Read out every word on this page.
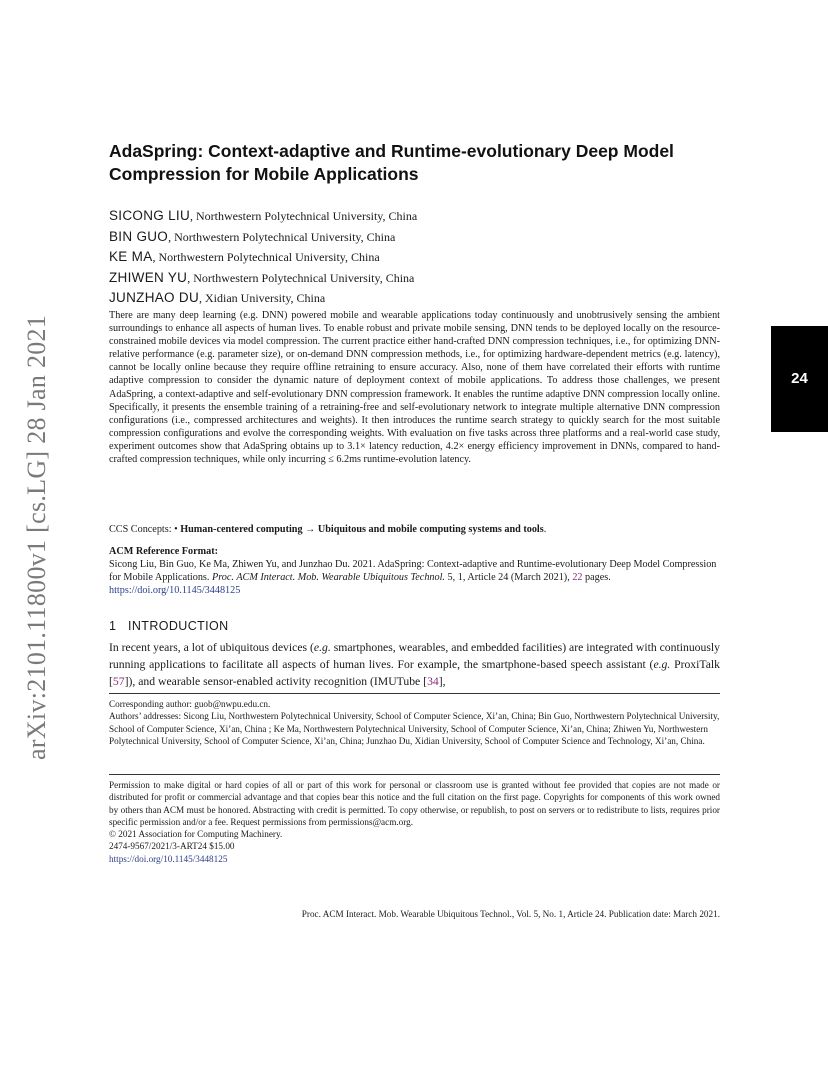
arXiv:2101.11800v1 [cs.LG] 28 Jan 2021	24
AdaSpring: Context-adaptive and Runtime-evolutionary Deep Model Compression for Mobile Applications
SICONG LIU, Northwestern Polytechnical University, China
BIN GUO, Northwestern Polytechnical University, China
KE MA, Northwestern Polytechnical University, China
ZHIWEN YU, Northwestern Polytechnical University, China
JUNZHAO DU, Xidian University, China

There are many deep learning (e.g. DNN) powered mobile and wearable applications today continuously and unobtrusively sensing the ambient surroundings to enhance all aspects of human lives. To enable robust and private mobile sensing, DNN tends to be deployed locally on the resource-constrained mobile devices via model compression. The current practice either hand-crafted DNN compression techniques, i.e., for optimizing DNN-relative performance (e.g. parameter size), or on-demand DNN compression methods, i.e., for optimizing hardware-dependent metrics (e.g. latency), cannot be locally online because they require offline retraining to ensure accuracy. Also, none of them have correlated their efforts with runtime adaptive compression to consider the dynamic nature of deployment context of mobile applications. To address those challenges, we present AdaSpring, a context-adaptive and self-evolutionary DNN compression framework. It enables the runtime adaptive DNN compression locally online. Specifically, it presents the ensemble training of a retraining-free and self-evolutionary network to integrate multiple alternative DNN compression configurations (i.e., compressed architectures and weights). It then introduces the runtime search strategy to quickly search for the most suitable compression configurations and evolve the corresponding weights. With evaluation on five tasks across three platforms and a real-world case study, experiment outcomes show that AdaSpring obtains up to 3.1× latency reduction, 4.2× energy efficiency improvement in DNNs, compared to hand-crafted compression techniques, while only incurring ≤ 6.2ms runtime-evolution latency.

CCS Concepts: • Human-centered computing → Ubiquitous and mobile computing systems and tools.

ACM Reference Format:
Sicong Liu, Bin Guo, Ke Ma, Zhiwen Yu, and Junzhao Du. 2021. AdaSpring: Context-adaptive and Runtime-evolutionary Deep Model Compression for Mobile Applications. Proc. ACM Interact. Mob. Wearable Ubiquitous Technol. 5, 1, Article 24 (March 2021), 22 pages. https://doi.org/10.1145/3448125

1 INTRODUCTION

In recent years, a lot of ubiquitous devices (e.g. smartphones, wearables, and embedded facilities) are integrated with continuously running applications to facilitate all aspects of human lives. For example, the smartphone-based speech assistant (e.g. ProxiTalk [57]), and wearable sensor-enabled activity recognition (IMUTube [34],

Corresponding author: guob@nwpu.edu.cn.

Authors’ addresses: Sicong Liu, Northwestern Polytechnical University, School of Computer Science, Xi’an, China; Bin Guo, Northwestern Polytechnical University, School of Computer Science, Xi’an, China ; Ke Ma, Northwestern Polytechnical University, School of Computer Science, Xi’an, China; Zhiwen Yu, Northwestern Polytechnical University, School of Computer Science, Xi’an, China; Junzhao Du, Xidian University, School of Computer Science and Technology, Xi’an, China.

Permission to make digital or hard copies of all or part of this work for personal or classroom use is granted without fee provided that copies are not made or distributed for profit or commercial advantage and that copies bear this notice and the full citation on the first page. Copyrights for components of this work owned by others than ACM must be honored. Abstracting with credit is permitted. To copy otherwise, or republish, to post on servers or to redistribute to lists, requires prior specific permission and/or a fee. Request permissions from permissions@acm.org.

© 2021 Association for Computing Machinery.

2474-9567/2021/3-ART24 $15.00

https://doi.org/10.1145/3448125

Proc. ACM Interact. Mob. Wearable Ubiquitous Technol., Vol. 5, No. 1, Article 24. Publication date: March 2021.
